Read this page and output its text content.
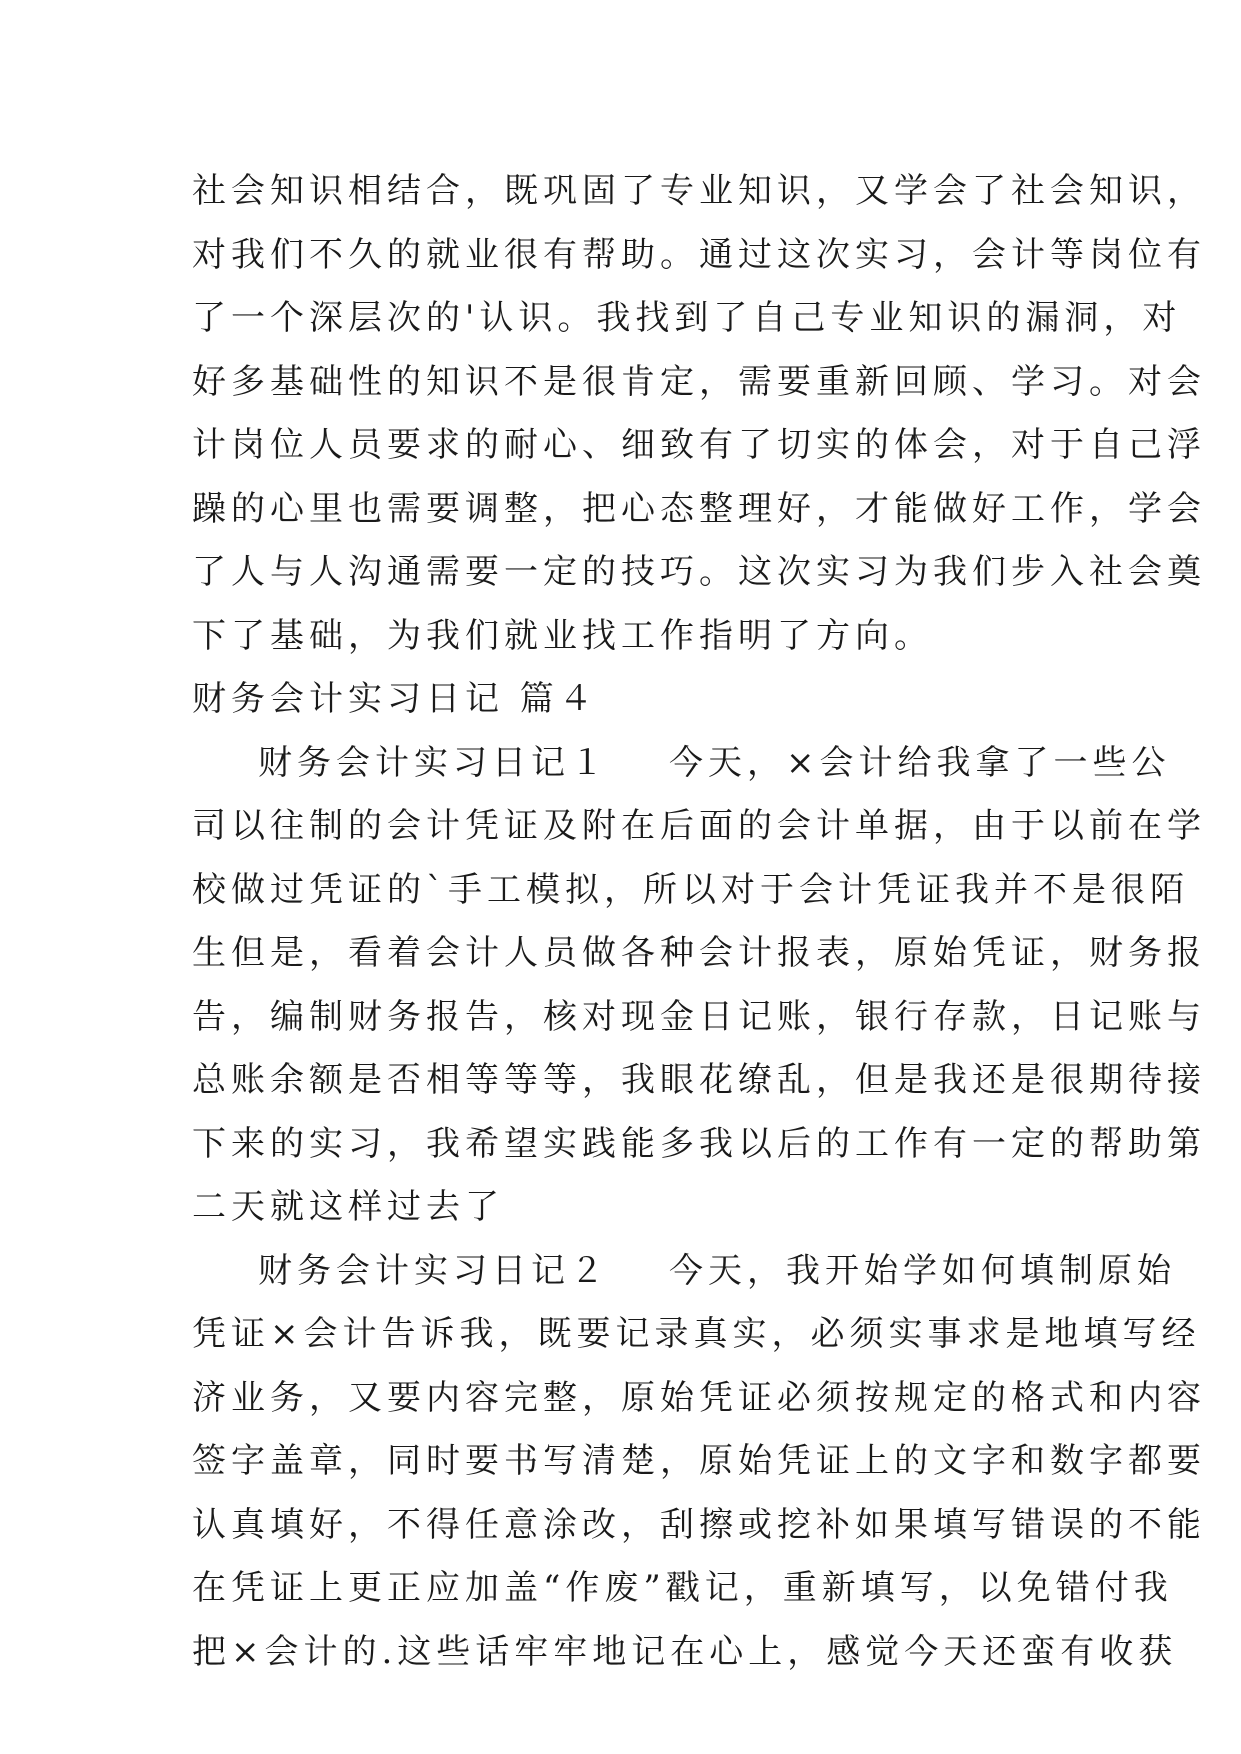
社会知识相结合，既巩固了专业知识，又学会了社会知识，
对我们不久的就业很有帮助。通过这次实习，会计等岗位有
了一个深层次的'认识。我找到了自己专业知识的漏洞，对
好多基础性的知识不是很肯定，需要重新回顾、学习。对会
计岗位人员要求的耐心、细致有了切实的体会，对于自己浮
躁的心里也需要调整，把心态整理好，才能做好工作，学会
了人与人沟通需要一定的技巧。这次实习为我们步入社会奠
下了基础，为我们就业找工作指明了方向。
财务会计实习日记 篇４
财务会计实习日记１ 今天，×会计给我拿了一些公
司以往制的会计凭证及附在后面的会计单据，由于以前在学
校做过凭证的`手工模拟，所以对于会计凭证我并不是很陌
生但是，看着会计人员做各种会计报表，原始凭证，财务报
告，编制财务报告，核对现金日记账，银行存款，日记账与
总账余额是否相等等等，我眼花缭乱，但是我还是很期待接
下来的实习，我希望实践能多我以后的工作有一定的帮助第
二天就这样过去了
财务会计实习日记２ 今天，我开始学如何填制原始
凭证×会计告诉我，既要记录真实，必须实事求是地填写经
济业务，又要内容完整，原始凭证必须按规定的格式和内容
签字盖章，同时要书写清楚，原始凭证上的文字和数字都要
认真填好，不得任意涂改，刮擦或挖补如果填写错误的不能
在凭证上更正应加盖“作废”戳记，重新填写，以免错付我
把×会计的.这些话牢牢地记在心上，感觉今天还蛮有收获
